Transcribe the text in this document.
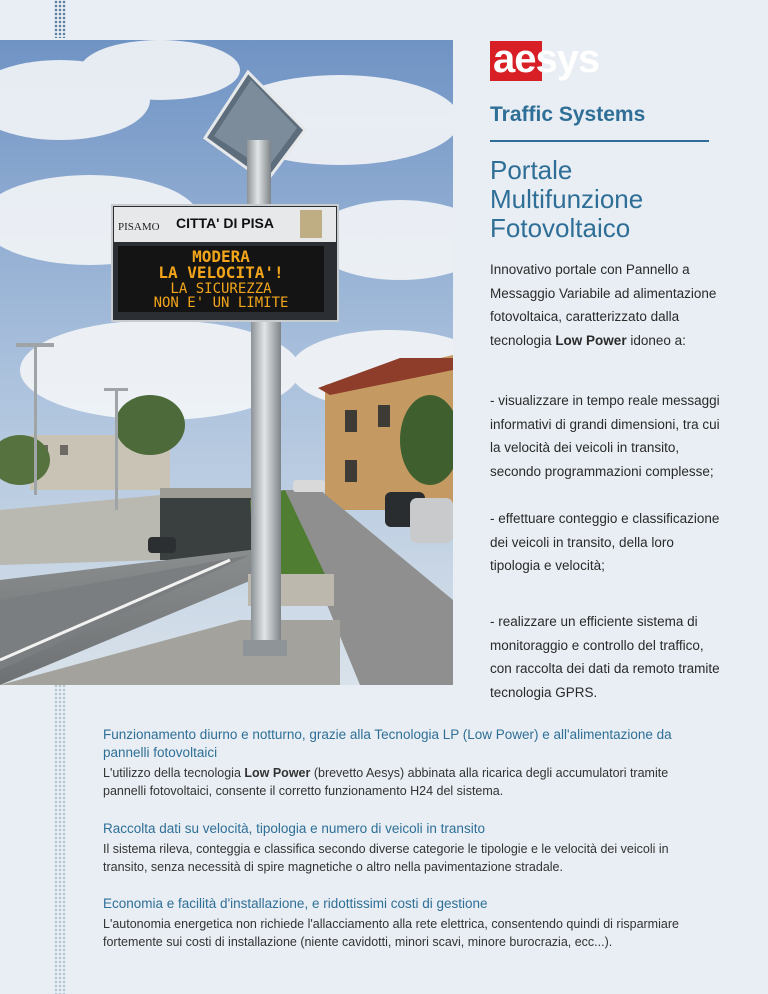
PISAMO CITTA' DI PISA
MODERA
LA VELOCITA'!
LA SICUREZZA
NON E' UN LIMITE
aesys
Traffic Systems
Portale
Multifunzione
Fotovoltaico

Innovativo portale con Pannello a Messaggio Variabile ad alimentazione fotovoltaica, caratterizzato dalla tecnologia Low Power idoneo a:

- visualizzare in tempo reale messaggi informativi di grandi dimensioni, tra cui la velocità dei veicoli in transito, secondo programmazioni complesse;

- effettuare conteggio e classificazione dei veicoli in transito, della loro tipologia e velocità;

- realizzare un efficiente sistema di monitoraggio e controllo del traffico, con raccolta dei dati da remoto tramite tecnologia GPRS.

Funzionamento diurno e notturno, grazie alla Tecnologia LP (Low Power) e all'alimentazione da pannelli fotovoltaici

L'utilizzo della tecnologia Low Power (brevetto Aesys) abbinata alla ricarica degli accumulatori tramite pannelli fotovoltaici, consente il corretto funzionamento H24 del sistema.

Raccolta dati su velocità, tipologia e numero di veicoli in transito

Il sistema rileva, conteggia e classifica secondo diverse categorie le tipologie e le velocità dei veicoli in transito, senza necessità di spire magnetiche o altro nella pavimentazione stradale.

Economia e facilità d'installazione, e ridottissimi costi di gestione

L'autonomia energetica non richiede l'allacciamento alla rete elettrica, consentendo quindi di risparmiare fortemente sui costi di installazione (niente cavidotti, minori scavi, minore burocrazia, ecc...).
